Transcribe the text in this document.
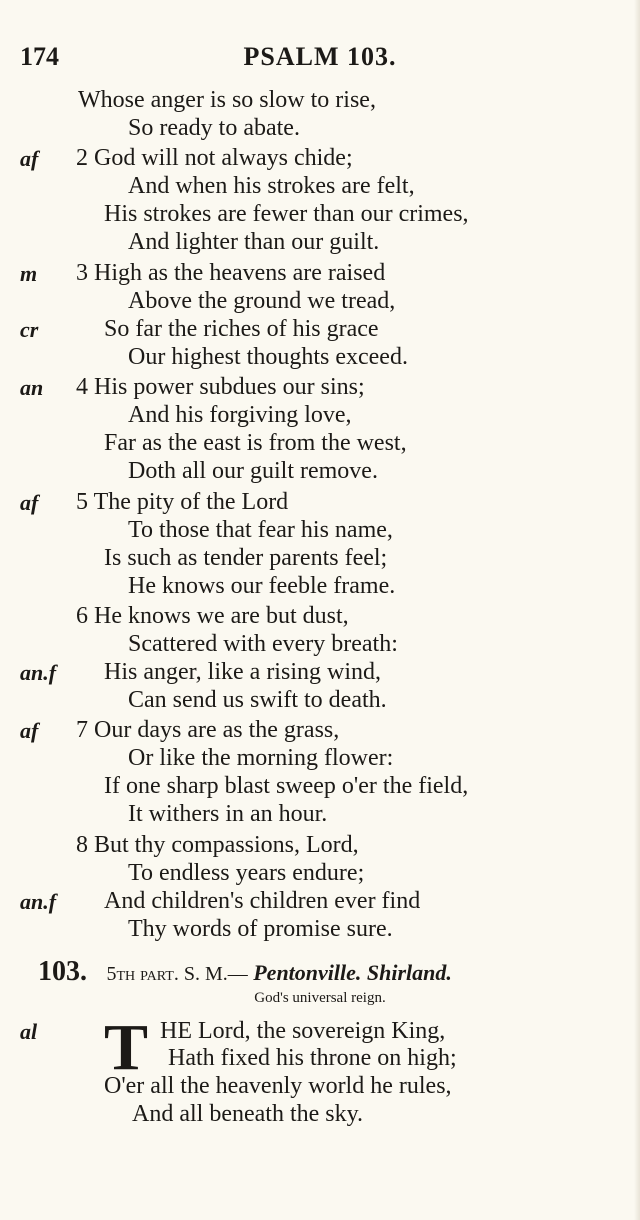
174	PSALM 103.
Whose anger is so slow to rise,
So ready to abate.
2 God will not always chide;
And when his strokes are felt,
His strokes are fewer than our crimes,
And lighter than our guilt.
3 High as the heavens are raised
Above the ground we tread,
So far the riches of his grace
Our highest thoughts exceed.
4 His power subdues our sins;
And his forgiving love,
Far as the east is from the west,
Doth all our guilt remove.
5 The pity of the Lord
To those that fear his name,
Is such as tender parents feel;
He knows our feeble frame.
6 He knows we are but dust,
Scattered with every breath:
His anger, like a rising wind,
Can send us swift to death.
7 Our days are as the grass,
Or like the morning flower:
If one sharp blast sweep o'er the field,
It withers in an hour.
8 But thy compassions, Lord,
To endless years endure;
And children's children ever find
Thy words of promise sure.
af
m
cr
an
af
an.f
af
an.f
al
103. 5th part. S. M.— Pentonville. Shirland.
God's universal reign.
T HE Lord, the sovereign King,
Hath fixed his throne on high;
O'er all the heavenly world he rules,
And all beneath the sky.
